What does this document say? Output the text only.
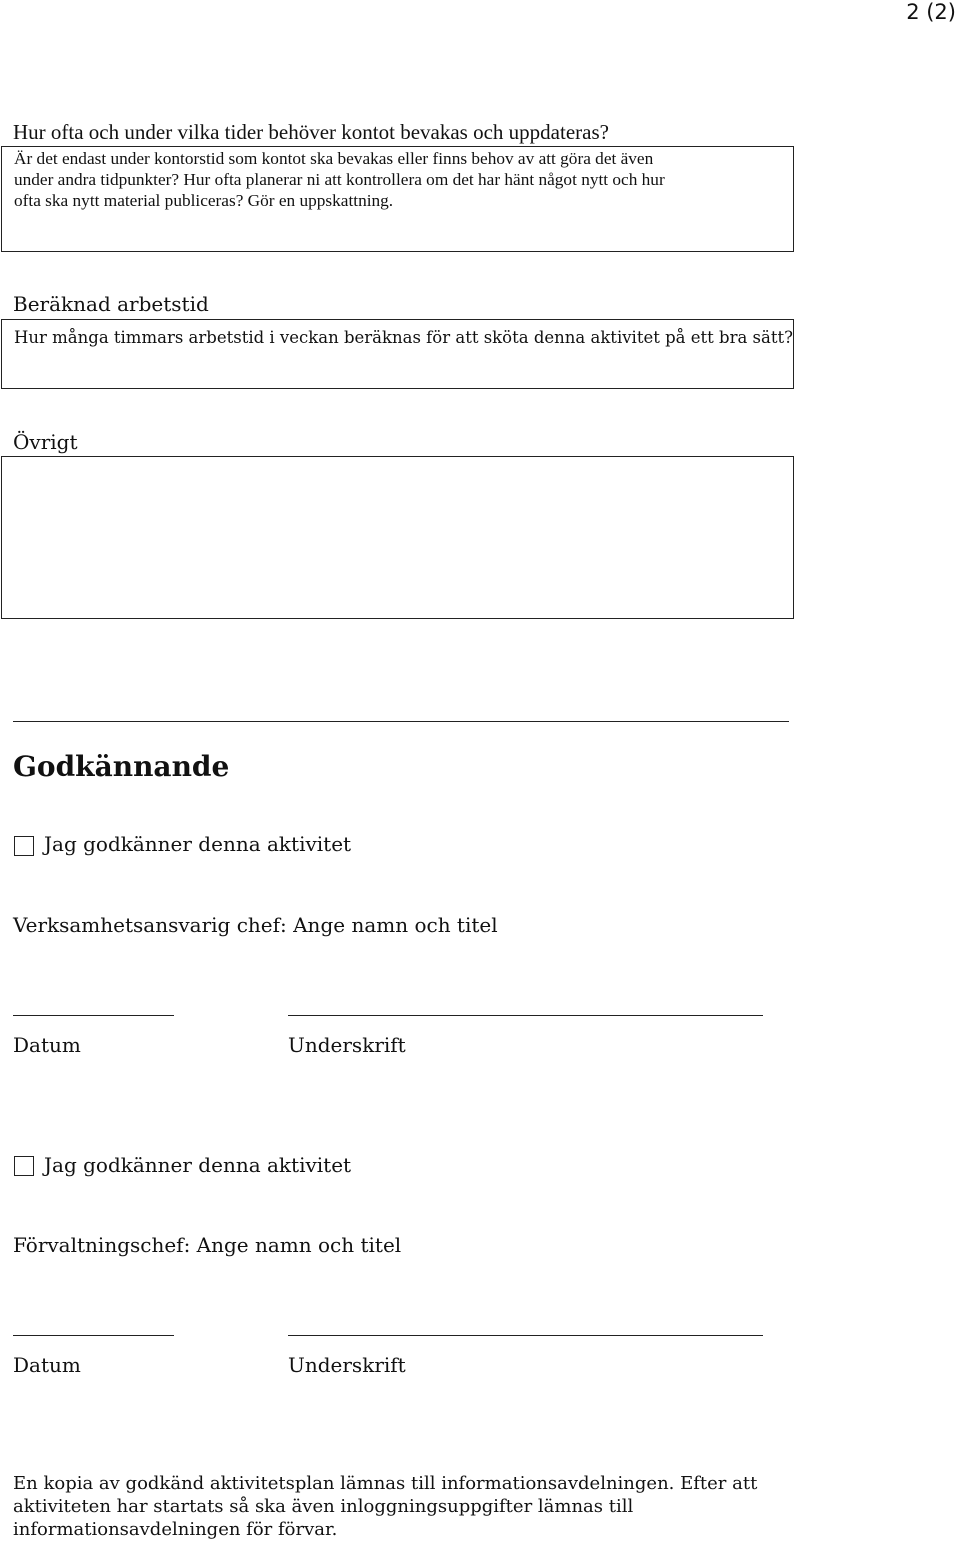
2 (2)
Hur ofta och under vilka tider behöver kontot bevakas och uppdateras?
Är det endast under kontorstid som kontot ska bevakas eller finns behov av att göra det även
under andra tidpunkter? Hur ofta planerar ni att kontrollera om det har hänt något nytt och hur
ofta ska nytt material publiceras? Gör en uppskattning.
Beräknad arbetstid
Hur många timmars arbetstid i veckan beräknas för att sköta denna aktivitet på ett bra sätt?
Övrigt
Godkännande
Jag godkänner denna aktivitet
Verksamhetsansvarig chef: Ange namn och titel
Datum	Underskrift
Jag godkänner denna aktivitet
Förvaltningschef: Ange namn och titel
Datum	Underskrift
En kopia av godkänd aktivitetsplan lämnas till informationsavdelningen. Efter att
aktiviteten har startats så ska även inloggningsuppgifter lämnas till
informationsavdelningen för förvar.
